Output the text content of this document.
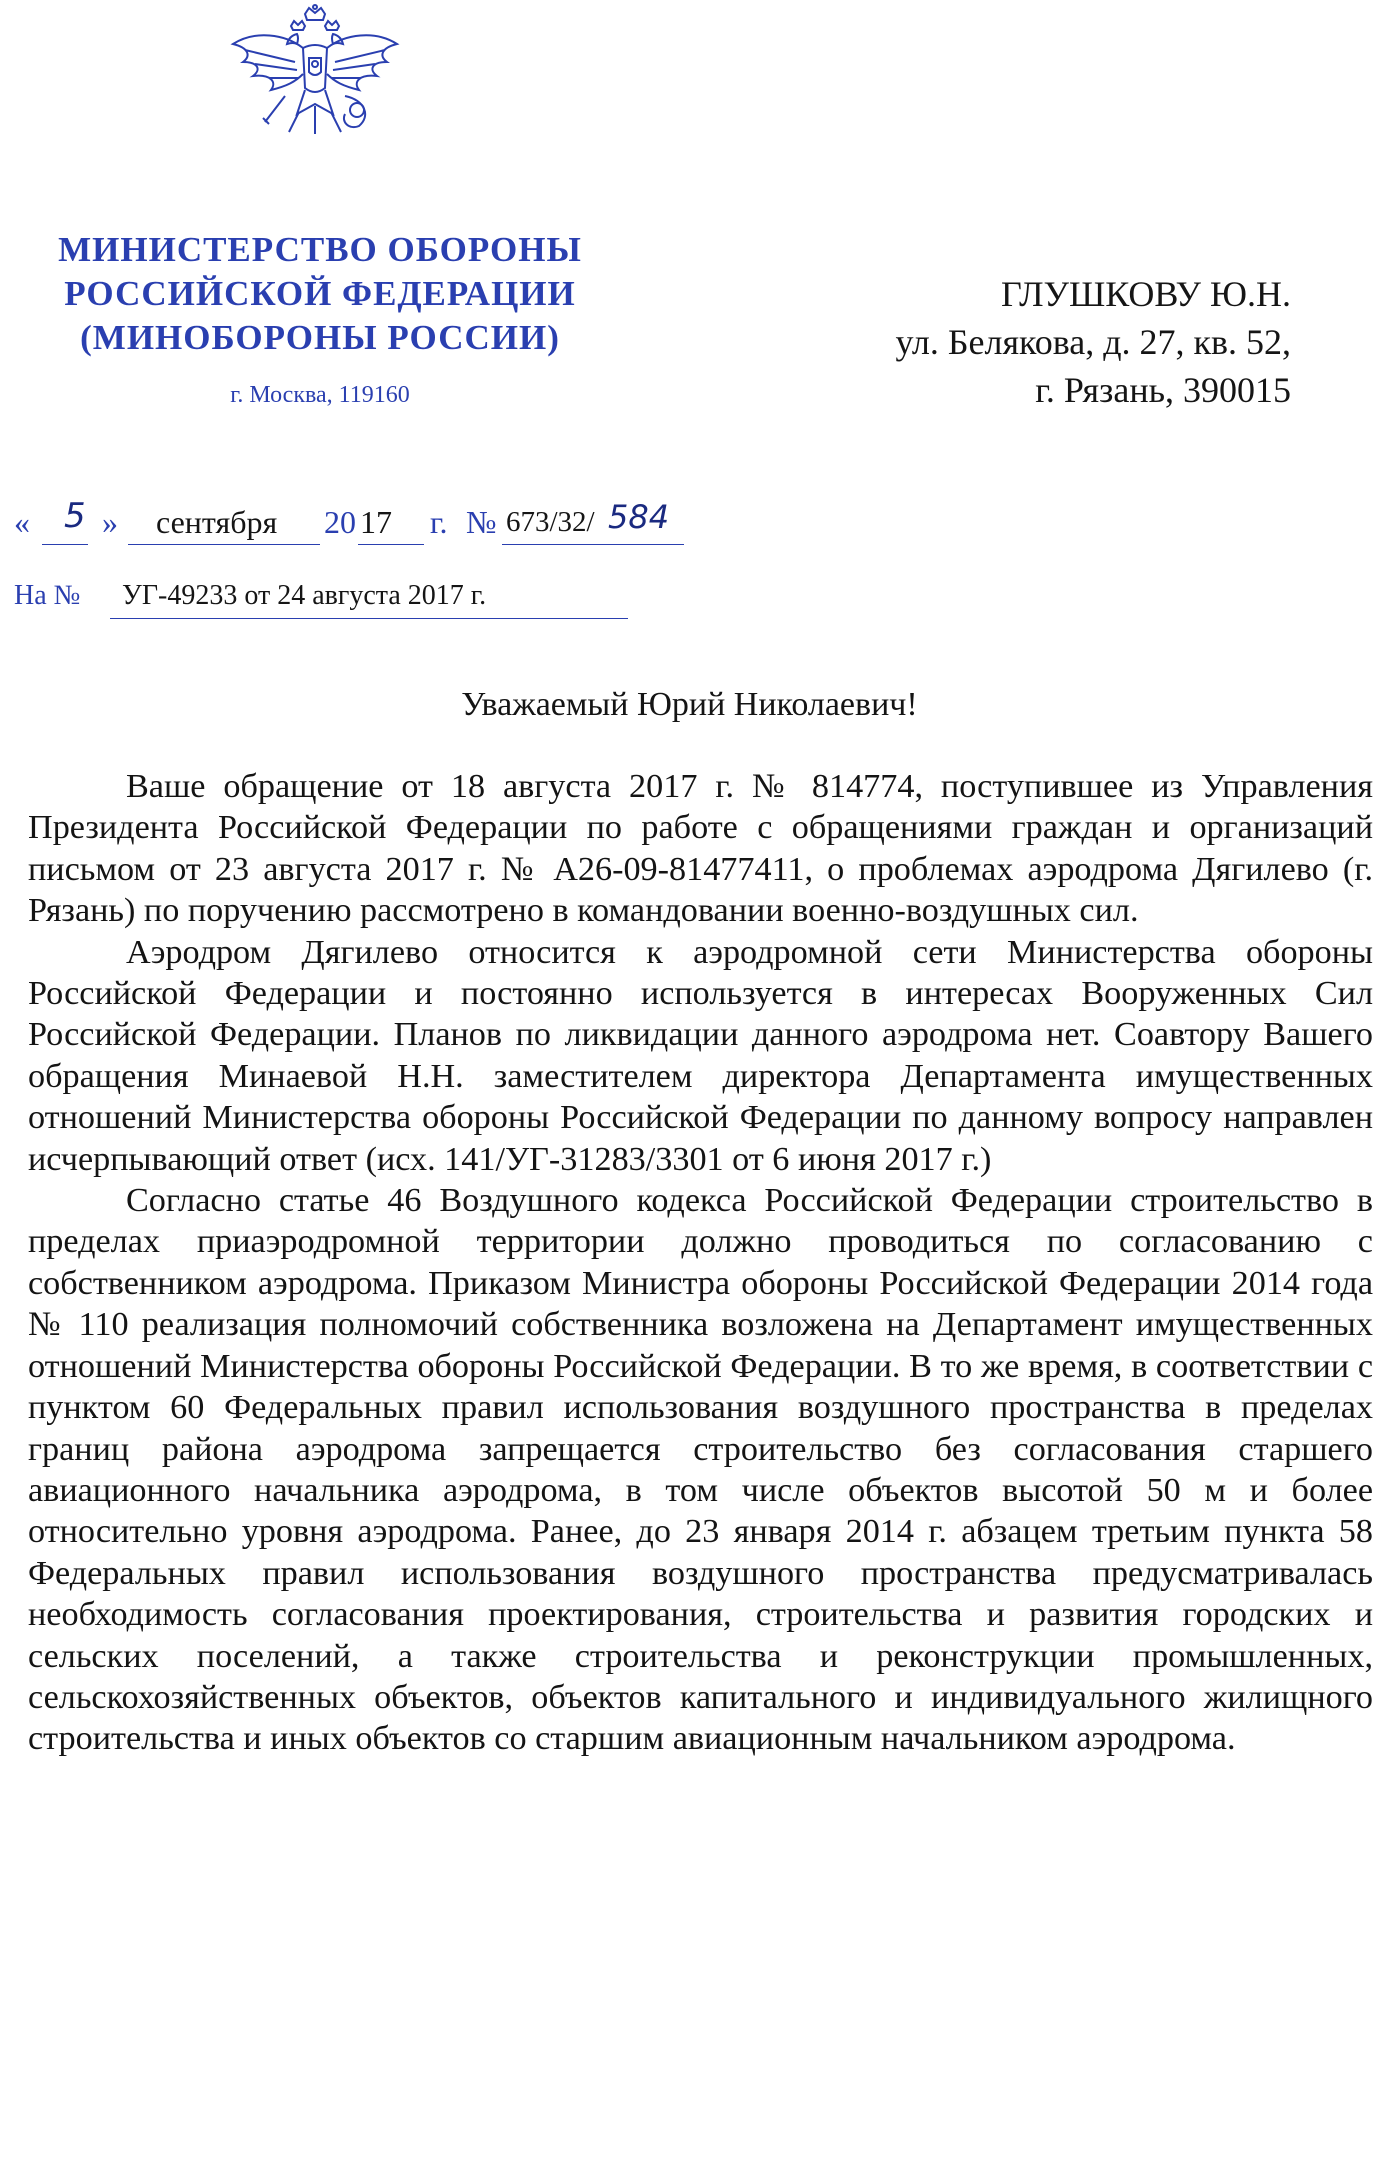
МИНИСТЕРСТВО ОБОРОНЫ
РОССИЙСКОЙ ФЕДЕРАЦИИ
(МИНОБОРОНЫ РОССИИ)
г. Москва, 119160
ГЛУШКОВУ Ю.Н.
ул. Белякова, д. 27, кв. 52,
г. Рязань, 390015
« 5 » сентября 20 17 г. № 673/32/ 584
На № УГ-49233 от 24 августа 2017 г.
Уважаемый Юрий Николаевич!

Ваше обращение от 18 августа 2017 г. № 814774, поступившее из Управления Президента Российской Федерации по работе с обращениями граждан и организаций письмом от 23 августа 2017 г. № А26-09-81477411, о проблемах аэродрома Дягилево (г. Рязань) по поручению рассмотрено в командовании военно-воздушных сил.

Аэродром Дягилево относится к аэродромной сети Министерства обороны Российской Федерации и постоянно используется в интересах Вооруженных Сил Российской Федерации. Планов по ликвидации данного аэродрома нет. Соавтору Вашего обращения Минаевой Н.Н. заместителем директора Департамента имущественных отношений Министерства обороны Российской Федерации по данному вопросу направлен исчерпывающий ответ (исх. 141/УГ-31283/3301 от 6 июня 2017 г.)

Согласно статье 46 Воздушного кодекса Российской Федерации строительство в пределах приаэродромной территории должно проводиться по согласованию с собственником аэродрома. Приказом Министра обороны Российской Федерации 2014 года № 110 реализация полномочий собственника возложена на Департамент имущественных отношений Министерства обороны Российской Федерации. В то же время, в соответствии с пунктом 60 Федеральных правил использования воздушного пространства в пределах границ района аэродрома запрещается строительство без согласования старшего авиационного начальника аэродрома, в том числе объектов высотой 50 м и более относительно уровня аэродрома. Ранее, до 23 января 2014 г. абзацем третьим пункта 58 Федеральных правил использования воздушного пространства предусматривалась необходимость согласования проектирования, строительства и развития городских и сельских поселений, а также строительства и реконструкции промышленных, сельскохозяйственных объектов, объектов капитального и индивидуального жилищного строительства и иных объектов со старшим авиационным начальником аэродрома.
